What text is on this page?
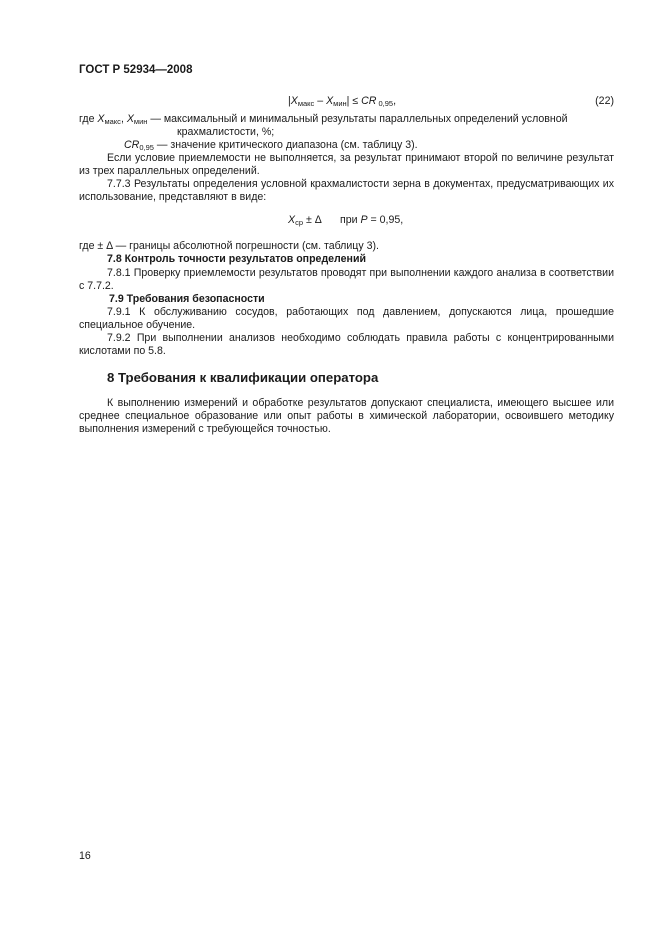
ГОСТ Р 52934—2008
$|X_{макс} - X_{мин}|$ ≤ CR $_{0,95}$,	(22)
где $X_{макс}$, $X_{мин}$ — максимальный и минимальный результаты параллельных определений условной
крахмалистости, %;
$CR_{0,95}$ — значение критического диапазона (см. таблицу 3).
Если условие приемлемости не выполняется, за результат принимают второй по величине результат из трех параллельных определений.
7.7.3 Результаты определения условной крахмалистости зерна в документах, предусматривающих их использование, представляют в виде:
$X_{ср} \pm \Delta$ при P = 0,95,
где ± Δ — границы абсолютной погрешности (см. таблицу 3).
7.8 Контроль точности результатов определений
7.8.1 Проверку приемлемости результатов проводят при выполнении каждого анализа в соответствии с 7.7.2.
7.9 Требования безопасности
7.9.1 К обслуживанию сосудов, работающих под давлением, допускаются лица, прошедшие специальное обучение.
7.9.2 При выполнении анализов необходимо соблюдать правила работы с концентрированными кислотами по 5.8.
8 Требования к квалификации оператора
К выполнению измерений и обработке результатов допускают специалиста, имеющего высшее или среднее специальное образование или опыт работы в химической лаборатории, освоившего методику выполнения измерений с требующейся точностью.
16
